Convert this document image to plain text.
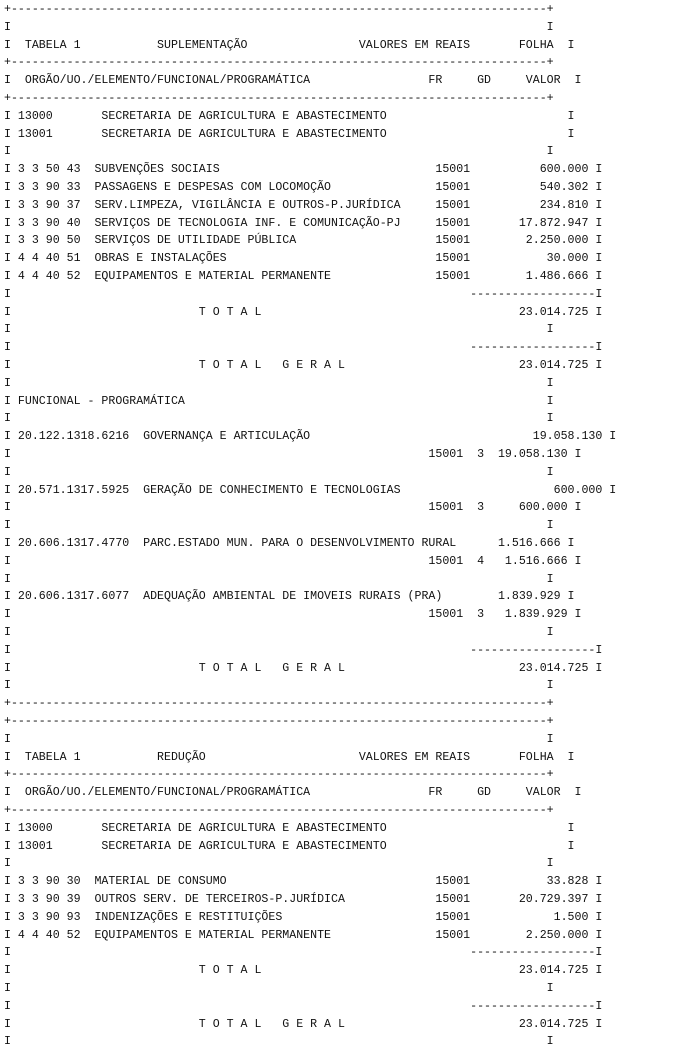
+-----------------------------------------------------------------------------+
I                                                                             I
I  TABELA 1           SUPLEMENTAÇÃO                VALORES EM REAIS       FOLHA  I
+-----------------------------------------------------------------------------+
I  ORGÃO/UO./ELEMENTO/FUNCIONAL/PROGRAMÁTICA                 FR     GD     VALOR  I
+-----------------------------------------------------------------------------+
I 13000       SECRETARIA DE AGRICULTURA E ABASTECIMENTO                          I
I 13001       SECRETARIA DE AGRICULTURA E ABASTECIMENTO                          I
I                                                                             I
I 3 3 50 43  SUBVENÇÕES SOCIAIS                               15001          600.000 I
I 3 3 90 33  PASSAGENS E DESPESAS COM LOCOMOÇÃO               15001          540.302 I
I 3 3 90 37  SERV.LIMPEZA, VIGILÂNCIA E OUTROS-P.JURÍDICA     15001          234.810 I
I 3 3 90 40  SERVIÇOS DE TECNOLOGIA INF. E COMUNICAÇÃO-PJ     15001       17.872.947 I
I 3 3 90 50  SERVIÇOS DE UTILIDADE PÚBLICA                    15001        2.250.000 I
I 4 4 40 51  OBRAS E INSTALAÇÕES                              15001           30.000 I
I 4 4 40 52  EQUIPAMENTOS E MATERIAL PERMANENTE               15001        1.486.666 I
I                                                                  ------------------I
I                           T O T A L                                     23.014.725 I
I                                                                             I
I                                                                  ------------------I
I                           T O T A L   G E R A L                         23.014.725 I
I                                                                             I
I FUNCIONAL - PROGRAMÁTICA                                                    I
I                                                                             I
I 20.122.1318.6216  GOVERNANÇA E ARTICULAÇÃO                                19.058.130 I
I                                                            15001  3  19.058.130 I
I                                                                             I
I 20.571.1317.5925  GERAÇÃO DE CONHECIMENTO E TECNOLOGIAS                      600.000 I
I                                                            15001  3     600.000 I
I                                                                             I
I 20.606.1317.4770  PARC.ESTADO MUN. PARA O DESENVOLVIMENTO RURAL      1.516.666 I
I                                                            15001  4   1.516.666 I
I                                                                             I
I 20.606.1317.6077  ADEQUAÇÃO AMBIENTAL DE IMOVEIS RURAIS (PRA)        1.839.929 I
I                                                            15001  3   1.839.929 I
I                                                                             I
I                                                                  ------------------I
I                           T O T A L   G E R A L                         23.014.725 I
I                                                                             I
+-----------------------------------------------------------------------------+
+-----------------------------------------------------------------------------+
I                                                                             I
I  TABELA 1           REDUÇÃO                      VALORES EM REAIS       FOLHA  I
+-----------------------------------------------------------------------------+
I  ORGÃO/UO./ELEMENTO/FUNCIONAL/PROGRAMÁTICA                 FR     GD     VALOR  I
+-----------------------------------------------------------------------------+
I 13000       SECRETARIA DE AGRICULTURA E ABASTECIMENTO                          I
I 13001       SECRETARIA DE AGRICULTURA E ABASTECIMENTO                          I
I                                                                             I
I 3 3 90 30  MATERIAL DE CONSUMO                              15001           33.828 I
I 3 3 90 39  OUTROS SERV. DE TERCEIROS-P.JURÍDICA             15001       20.729.397 I
I 3 3 90 93  INDENIZAÇÕES E RESTITUIÇÕES                      15001            1.500 I
I 4 4 40 52  EQUIPAMENTOS E MATERIAL PERMANENTE               15001        2.250.000 I
I                                                                  ------------------I
I                           T O T A L                                     23.014.725 I
I                                                                             I
I                                                                  ------------------I
I                           T O T A L   G E R A L                         23.014.725 I
I                                                                             I
